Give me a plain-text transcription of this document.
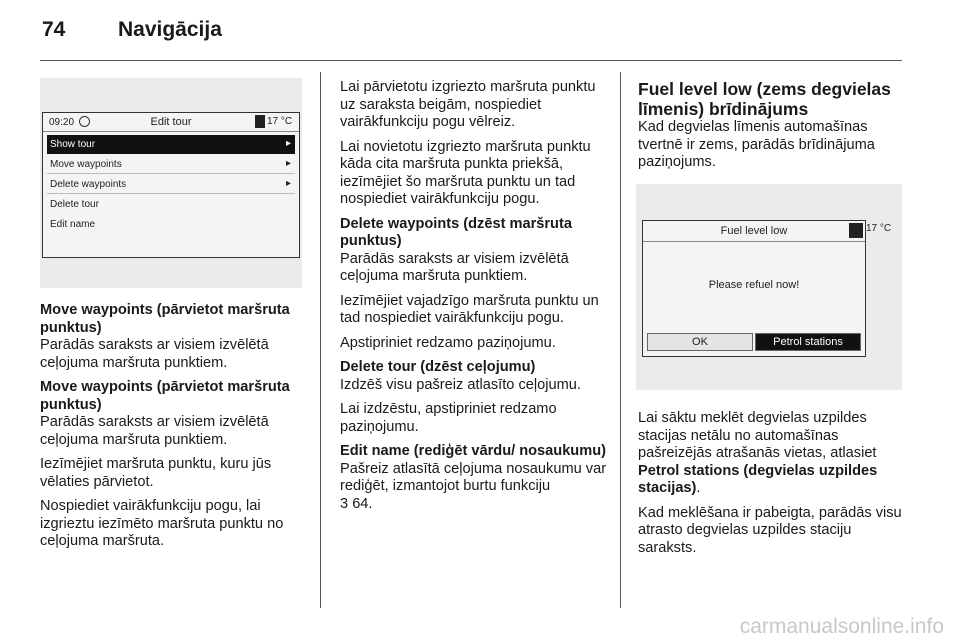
74	Navigācija
09:20	Edit tour	17 °C
Show tour	▸
Move waypoints	▸
Delete waypoints	▸
Delete tour
Edit name

Move waypoints (pārvietot maršruta punktus)

Parādās saraksts ar visiem izvēlētā ceļojuma maršruta punktiem.

Move waypoints (pārvietot maršruta punktus)

Parādās saraksts ar visiem izvēlētā ceļojuma maršruta punktiem.

Iezīmējiet maršruta punktu, kuru jūs vēlaties pārvietot.

Nospiediet vairākfunkciju pogu, lai izgrieztu iezīmēto maršruta punktu no ceļojuma maršruta.

Lai pārvietotu izgriezto maršruta punktu uz saraksta beigām, nospiediet vairākfunkciju pogu vēlreiz.

Lai novietotu izgriezto maršruta punktu kāda cita maršruta punkta priekšā, iezīmējiet šo maršruta punktu un tad nospiediet vairākfunkciju pogu.

Delete waypoints (dzēst maršruta punktus)

Parādās saraksts ar visiem izvēlētā ceļojuma maršruta punktiem.

Iezīmējiet vajadzīgo maršruta punktu un tad nospiediet vairākfunkciju pogu.

Apstipriniet redzamo paziņojumu.

Delete tour (dzēst ceļojumu)

Izdzēš visu pašreiz atlasīto ceļojumu.

Lai izdzēstu, apstipriniet redzamo paziņojumu.

Edit name (rediģēt vārdu/ nosaukumu)

Pašreiz atlasītā ceļojuma nosaukumu var rediģēt, izmantojot burtu funkciju
3 64.

Fuel level low (zems degvielas līmenis) brīdinājums

Kad degvielas līmenis automašīnas tvertnē ir zems, parādās brīdinājuma paziņojums.

Fuel level low
Please refuel now!
OK	Petrol stations
17 °C

Lai sāktu meklēt degvielas uzpildes stacijas netālu no automašīnas pašreizējās atrašanās vietas, atlasiet Petrol stations (degvielas uzpildes stacijas).

Kad meklēšana ir pabeigta, parādās visu atrasto degvielas uzpildes staciju saraksts.

carmanualsonline.info
